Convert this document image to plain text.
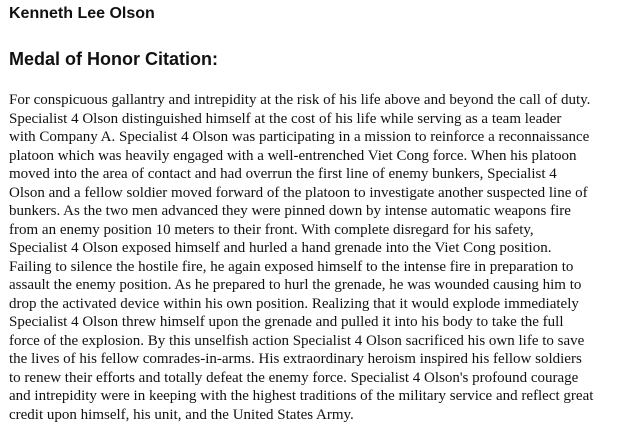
Kenneth Lee Olson
Medal of Honor Citation:
For conspicuous gallantry and intrepidity at the risk of his life above and beyond the call of duty.
Specialist 4 Olson distinguished himself at the cost of his life while serving as a team leader
with Company A. Specialist 4 Olson was participating in a mission to reinforce a reconnaissance
platoon which was heavily engaged with a well-entrenched Viet Cong force. When his platoon
moved into the area of contact and had overrun the first line of enemy bunkers, Specialist 4
Olson and a fellow soldier moved forward of the platoon to investigate another suspected line of
bunkers. As the two men advanced they were pinned down by intense automatic weapons fire
from an enemy position 10 meters to their front. With complete disregard for his safety,
Specialist 4 Olson exposed himself and hurled a hand grenade into the Viet Cong position.
Failing to silence the hostile fire, he again exposed himself to the intense fire in preparation to
assault the enemy position. As he prepared to hurl the grenade, he was wounded causing him to
drop the activated device within his own position. Realizing that it would explode immediately
Specialist 4 Olson threw himself upon the grenade and pulled it into his body to take the full
force of the explosion. By this unselfish action Specialist 4 Olson sacrificed his own life to save
the lives of his fellow comrades-in-arms. His extraordinary heroism inspired his fellow soldiers
to renew their efforts and totally defeat the enemy force. Specialist 4 Olson's profound courage
and intrepidity were in keeping with the highest traditions of the military service and reflect great
credit upon himself, his unit, and the United States Army.
